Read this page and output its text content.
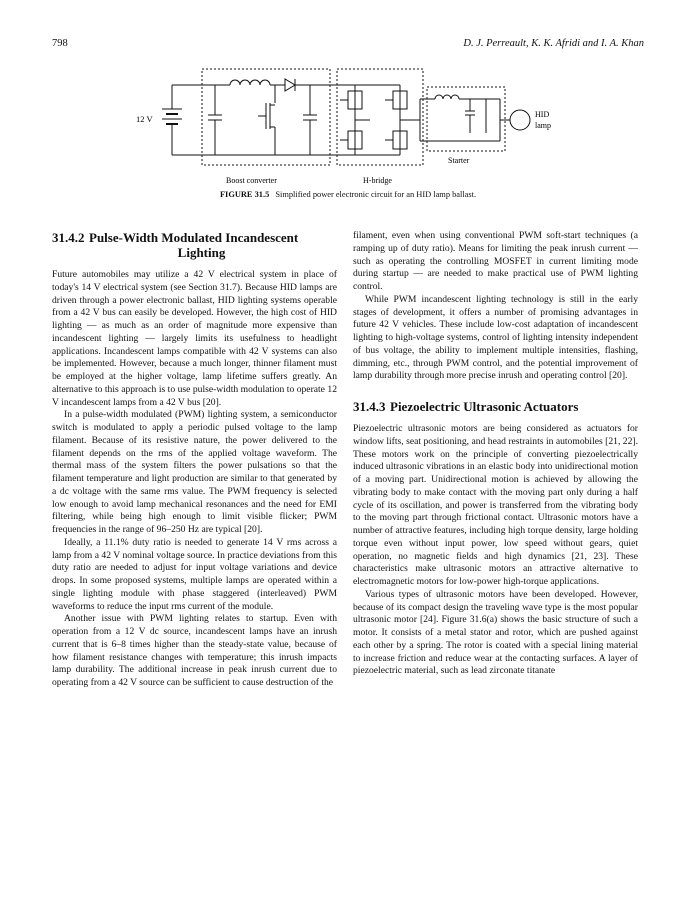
798	D. J. Perreault, K. K. Afridi and I. A. Khan
12 V
Starter
HID
lamp
Boost converter	H-bridge
FIGURE 31.5 Simplified power electronic circuit for an HID lamp ballast.
31.4.2 Pulse-Width Modulated Incandescent
Lighting

Future automobiles may utilize a 42 V electrical system in place of today's 14 V electrical system (see Section 31.7). Because HID lamps are driven through a power electronic ballast, HID lighting systems operable from a 42 V bus can easily be developed. However, the high cost of HID lighting — as much as an order of magnitude more expensive than incandescent lighting — largely limits its usefulness to headlight applications. Incandescent lamps compatible with 42 V systems can also be implemented. However, because a much longer, thinner filament must be employed at the higher voltage, lamp lifetime suffers greatly. An alternative to this approach is to use pulse-width modulation to operate 12 V incandescent lamps from a 42 V bus [20].

In a pulse-width modulated (PWM) lighting system, a semiconductor switch is modulated to apply a periodic pulsed voltage to the lamp filament. Because of its resistive nature, the power delivered to the filament depends on the rms of the applied voltage waveform. The thermal mass of the system filters the power pulsations so that the filament temperature and light production are similar to that generated by a dc voltage with the same rms value. The PWM frequency is selected low enough to avoid lamp mechanical resonances and the need for EMI filtering, while being high enough to limit visible flicker; PWM frequencies in the range of 96–250 Hz are typical [20].

Ideally, a 11.1% duty ratio is needed to generate 14 V rms across a lamp from a 42 V nominal voltage source. In practice deviations from this duty ratio are needed to adjust for input voltage variations and device drops. In some proposed systems, multiple lamps are operated within a single lighting module with phase staggered (interleaved) PWM waveforms to reduce the input rms current of the module.

Another issue with PWM lighting relates to startup. Even with operation from a 12 V dc source, incandescent lamps have an inrush current that is 6–8 times higher than the steady-state value, because of how filament resistance changes with temperature; this inrush impacts lamp durability. The additional increase in peak inrush current due to operating from a 42 V source can be sufficient to cause destruction of the

filament, even when using conventional PWM soft-start techniques (a ramping up of duty ratio). Means for limiting the peak inrush current — such as operating the controlling MOSFET in current limiting mode during startup — are needed to make practical use of PWM lighting control.

While PWM incandescent lighting technology is still in the early stages of development, it offers a number of promising advantages in future 42 V vehicles. These include low-cost adaptation of incandescent lighting to high-voltage systems, control of lighting intensity independent of bus voltage, the ability to implement multiple intensities, flashing, dimming, etc., through PWM control, and the potential improvement of lamp durability through more precise inrush and operating control [20].

31.4.3 Piezoelectric Ultrasonic Actuators

Piezoelectric ultrasonic motors are being considered as actuators for window lifts, seat positioning, and head restraints in automobiles [21, 22]. These motors work on the principle of converting piezoelectrically induced ultrasonic vibrations in an elastic body into unidirectional motion of a moving part. Unidirectional motion is achieved by allowing the vibrating body to make contact with the moving part only during a half cycle of its oscillation, and power is transferred from the vibrating body to the moving part through frictional contact. Ultrasonic motors have a number of attractive features, including high torque density, large holding torque even without input power, low speed without gears, quiet operation, no magnetic fields and high dynamics [21, 23]. These characteristics make ultrasonic motors an attractive alternative to electromagnetic motors for low-power high-torque applications.

Various types of ultrasonic motors have been developed. However, because of its compact design the traveling wave type is the most popular ultrasonic motor [24]. Figure 31.6(a) shows the basic structure of such a motor. It consists of a metal stator and rotor, which are pushed against each other by a spring. The rotor is coated with a special lining material to increase friction and reduce wear at the contacting surfaces. A layer of piezoelectric material, such as lead zirconate titanate
